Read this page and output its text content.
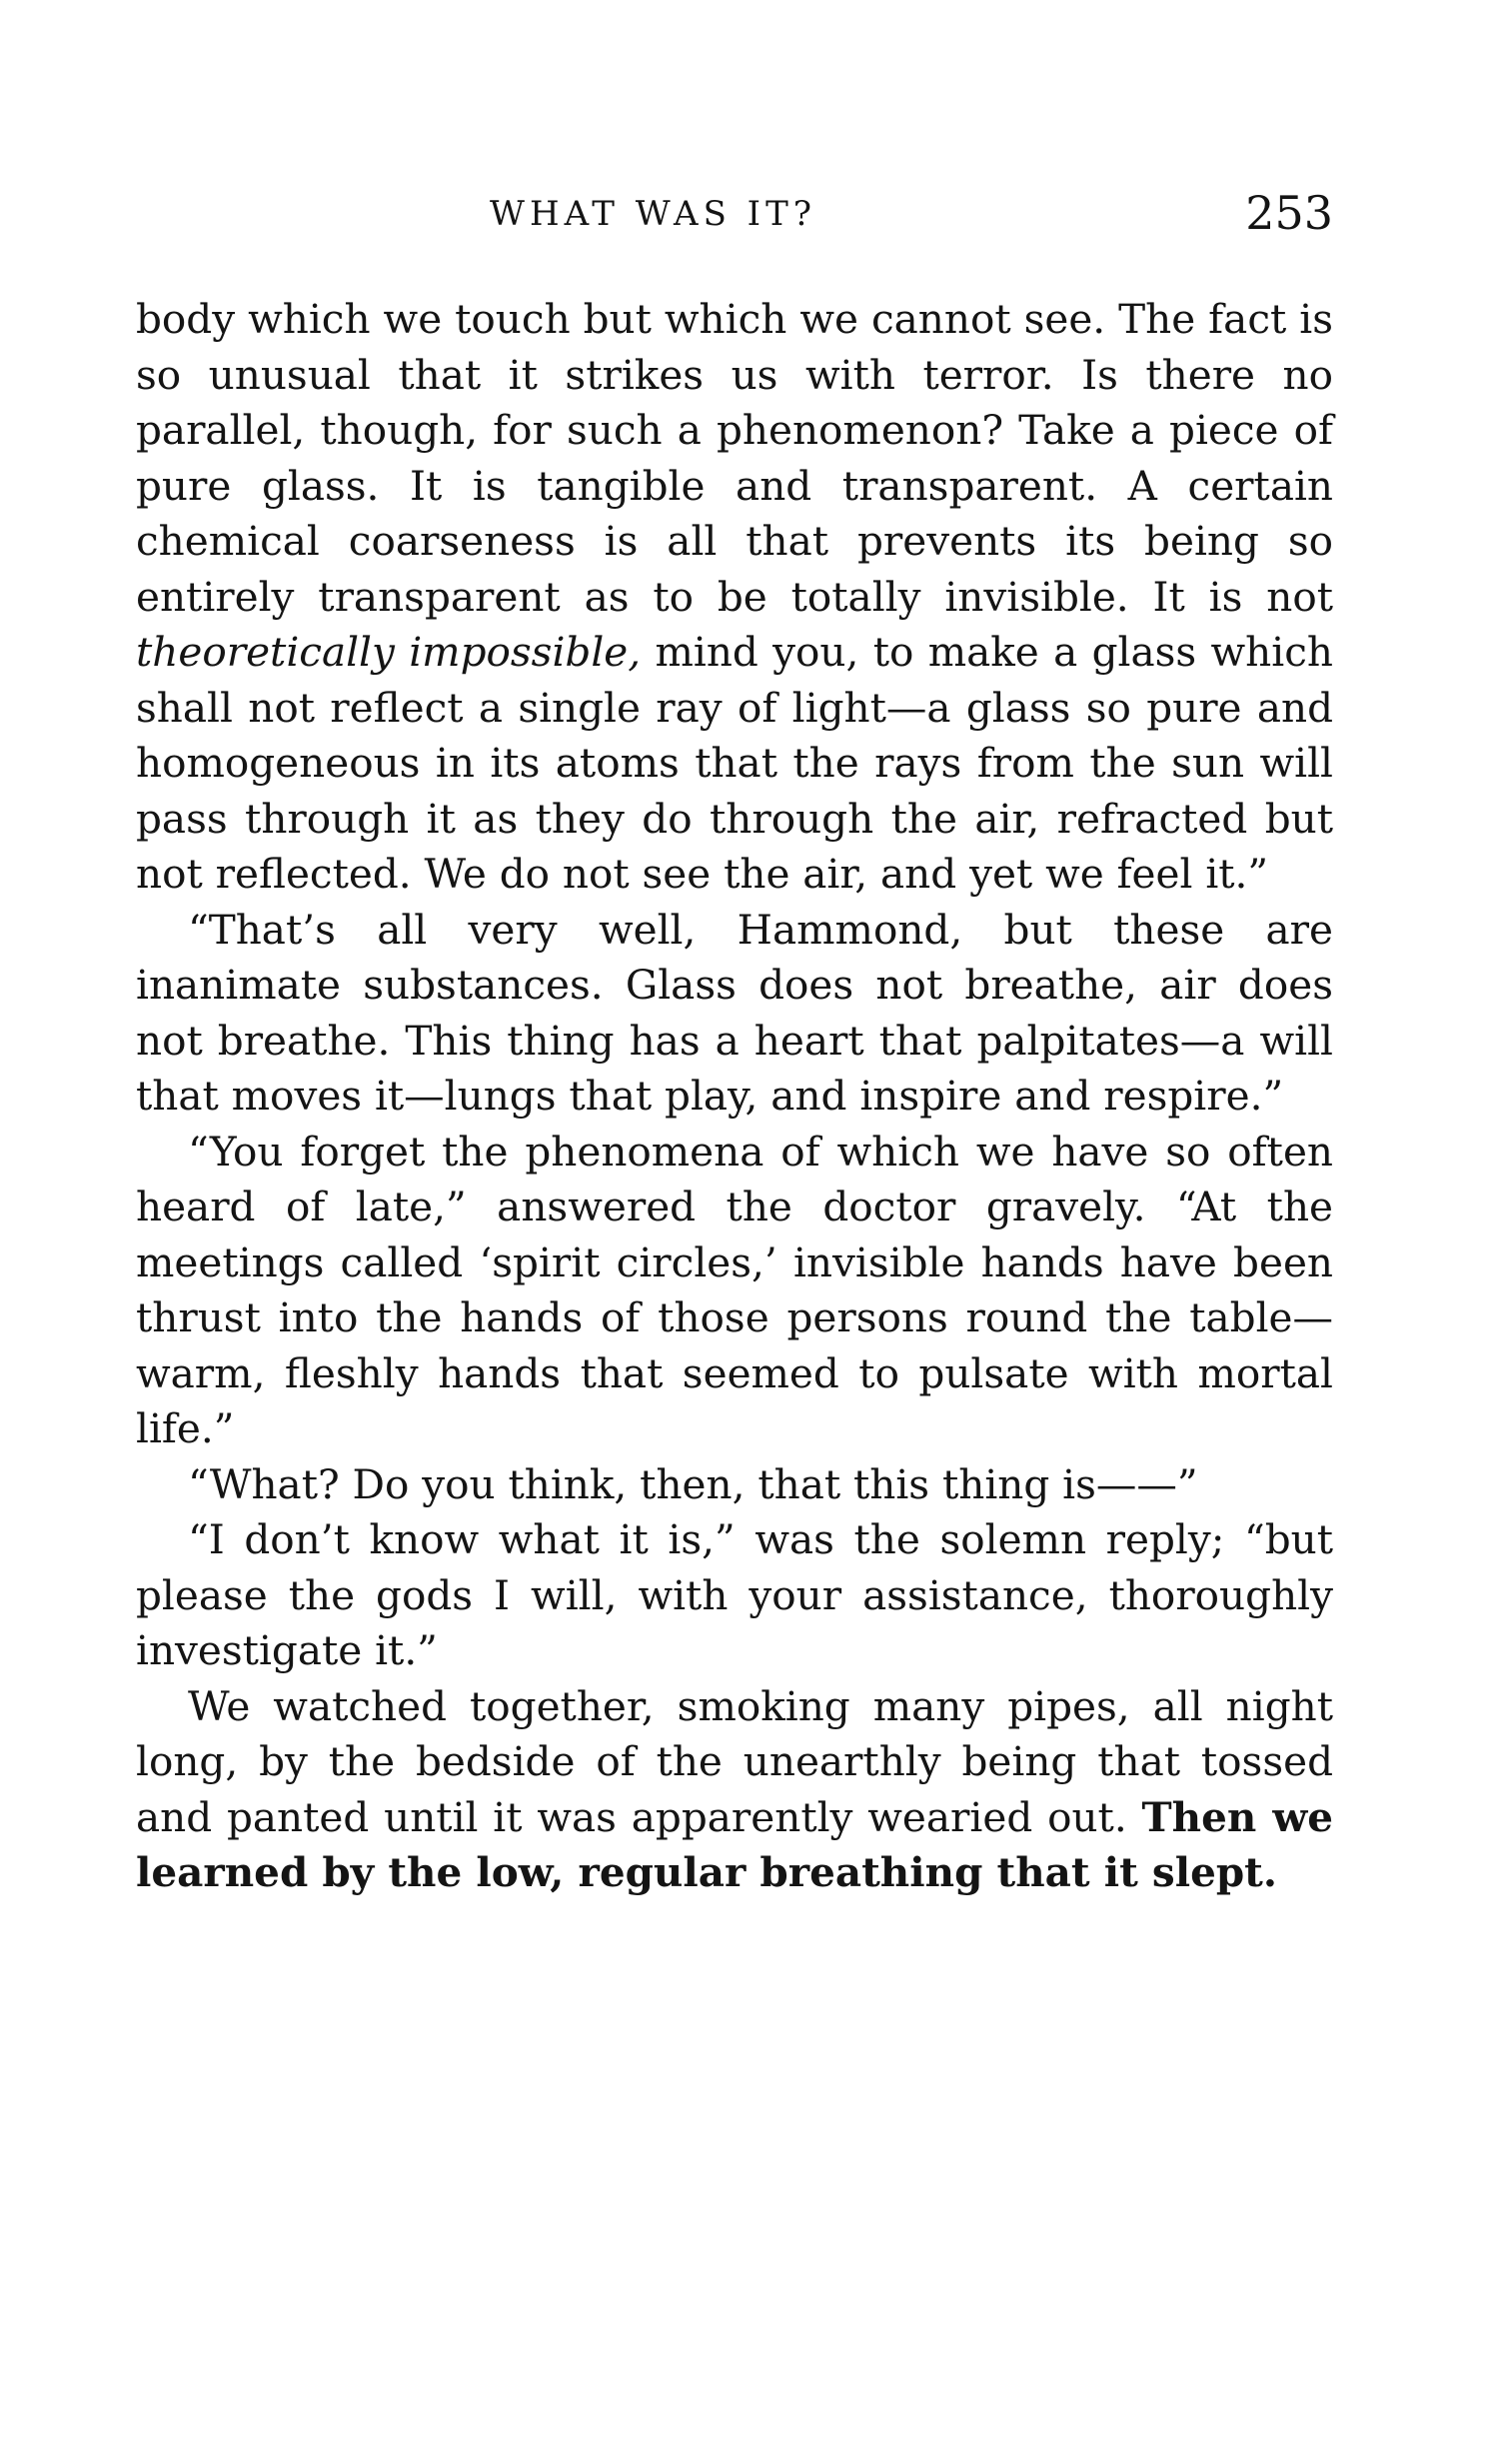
WHAT WAS IT?	253

body which we touch but which we cannot see. The fact is so unusual that it strikes us with terror. Is there no parallel, though, for such a phenomenon? Take a piece of pure glass. It is tangible and transparent. A certain chemical coarseness is all that prevents its being so entirely transparent as to be totally invisible. It is not theoretically impossible, mind you, to make a glass which shall not reflect a single ray of light—a glass so pure and homogeneous in its atoms that the rays from the sun will pass through it as they do through the air, refracted but not reflected. We do not see the air, and yet we feel it.”

“That’s all very well, Hammond, but these are inanimate substances. Glass does not breathe, air does not breathe. This thing has a heart that palpitates—a will that moves it—lungs that play, and inspire and respire.”

“You forget the phenomena of which we have so often heard of late,” answered the doctor gravely. “At the meetings called ‘spirit circles,’ invisible hands have been thrust into the hands of those persons round the table—warm, fleshly hands that seemed to pulsate with mortal life.”

“What? Do you think, then, that this thing is——”

“I don’t know what it is,” was the solemn reply; “but please the gods I will, with your assistance, thoroughly investigate it.”

We watched together, smoking many pipes, all night long, by the bedside of the unearthly being that tossed and panted until it was apparently wearied out. Then we learned by the low, regular breathing that it slept.
